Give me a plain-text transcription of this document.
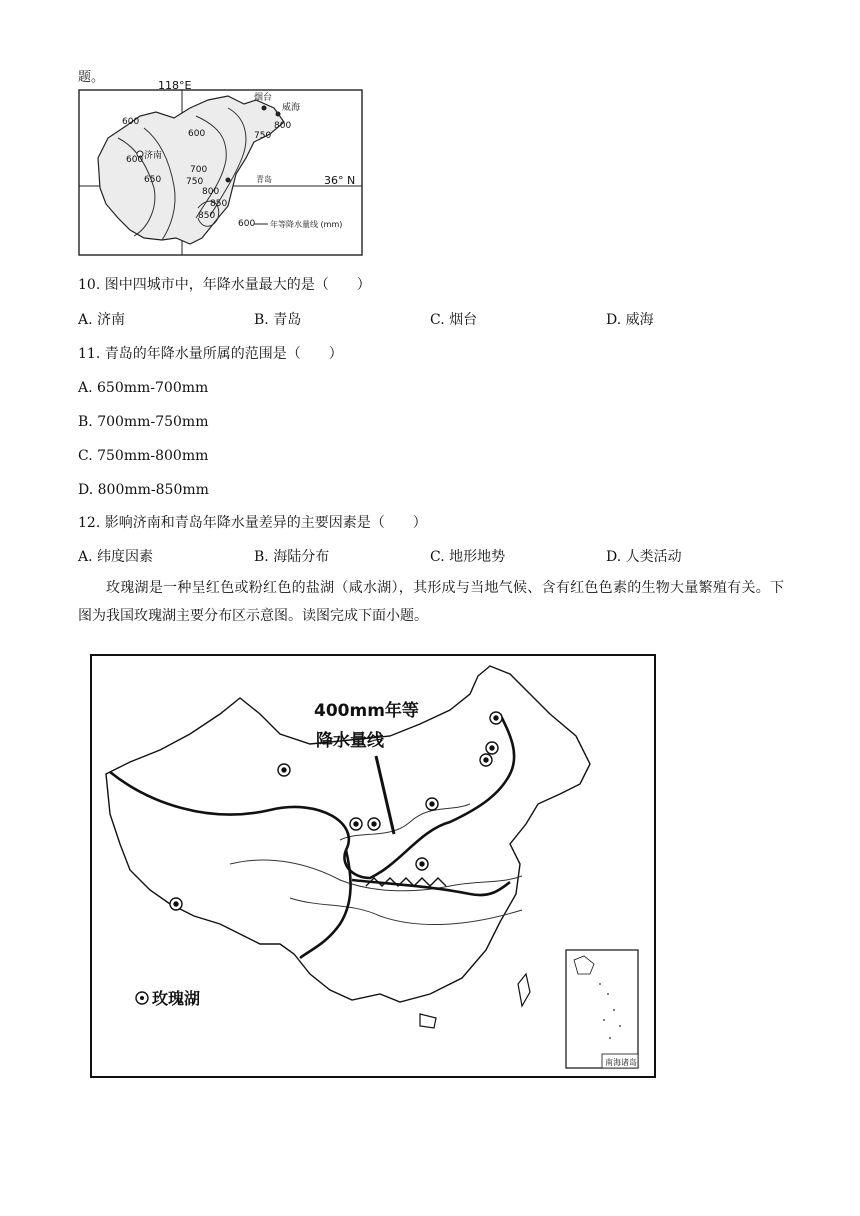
题。
118°E
36° N
烟台
威海
济南
青岛
600
600
600
650
700
750
750
800
800
850
850
600 年等降水量线 (mm)
10. 图中四城市中，年降水量最大的是（　　）
A. 济南	B. 青岛	C. 烟台	D. 威海
11. 青岛的年降水量所属的范围是（　　）
A. 650mm-700mm
B. 700mm-750mm
C. 750mm-800mm
D. 800mm-850mm
12. 影响济南和青岛年降水量差异的主要因素是（　　）
A. 纬度因素	B. 海陆分布	C. 地形地势	D. 人类活动
玫瑰湖是一种呈红色或粉红色的盐湖（咸水湖），其形成与当地气候、含有红色色素的生物大量繁殖有关。下图为我国玫瑰湖主要分布区示意图。读图完成下面小题。
南海诸岛
400mm年等
降水量线
玫瑰湖
